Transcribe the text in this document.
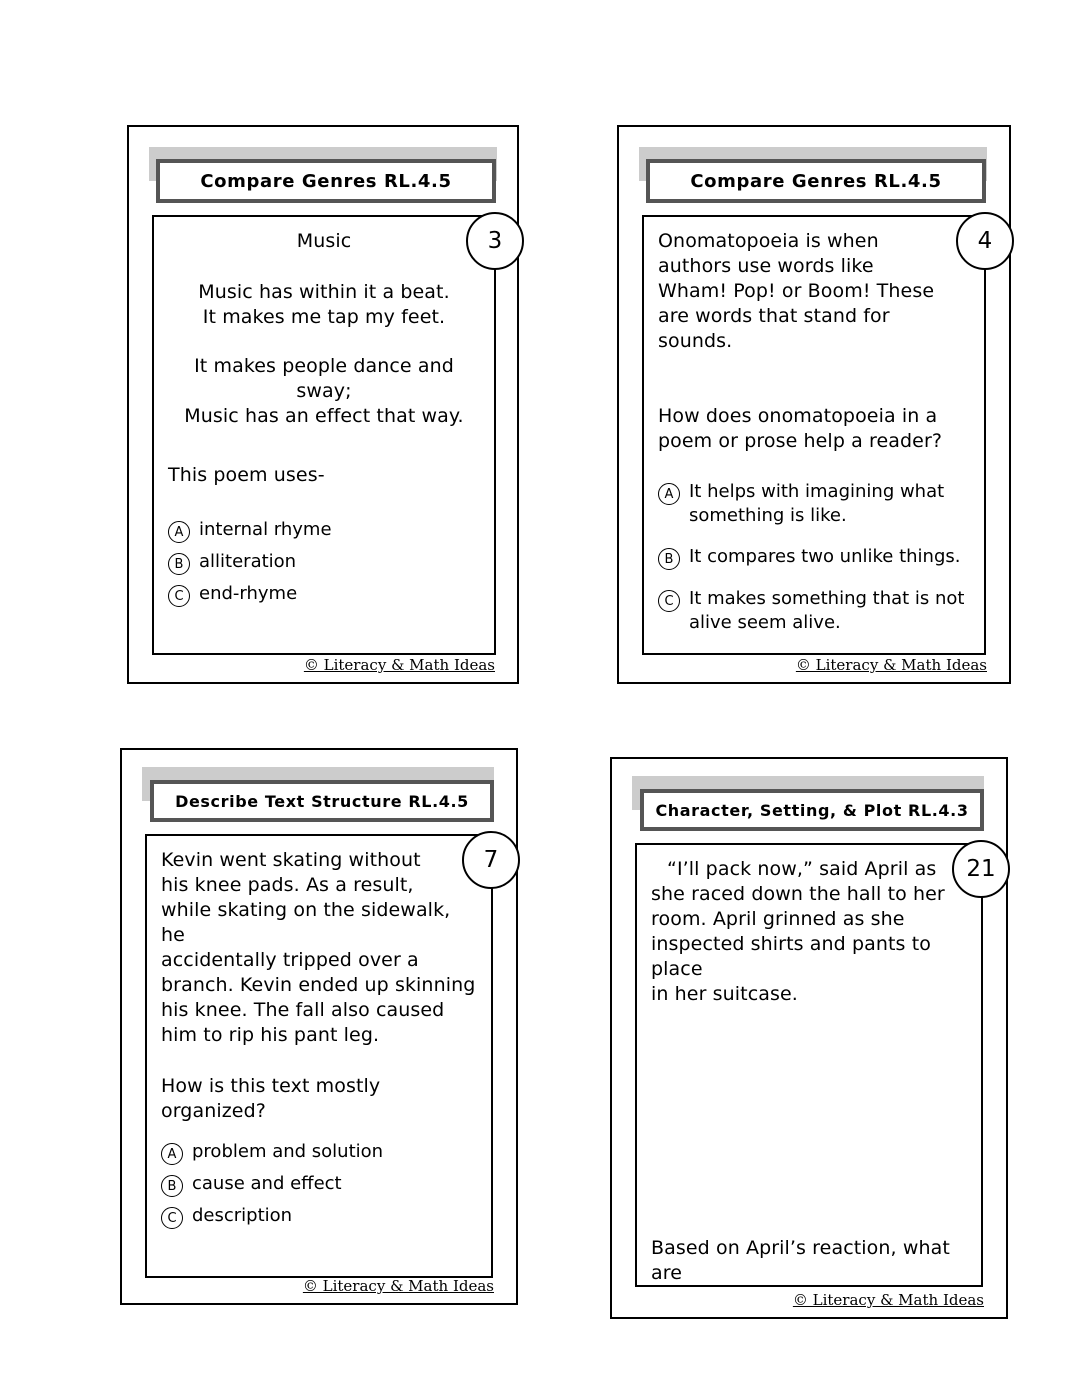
Compare Genres RL.4.5
Music
Music has within it a beat.
It makes me tap my feet.
It makes people dance and sway;
Music has an effect that way.
This poem uses-
A internal rhyme
B alliteration
C end-rhyme
3
© Literacy & Math Ideas
Compare Genres RL.4.5
Onomatopoeia is when
authors use words like
Wham! Pop! or Boom! These
are words that stand for
sounds.
How does onomatopoeia in a
poem or prose help a reader?
A It helps with imagining what something is like.
B It compares two unlike things.
C It makes something that is not alive seem alive.
4
© Literacy & Math Ideas
Describe Text Structure RL.4.5
Kevin went skating without
his knee pads. As a result,
while skating on the sidewalk, he
accidentally tripped over a
branch. Kevin ended up skinning
his knee. The fall also caused
him to rip his pant leg.
How is this text mostly
organized?
A problem and solution
B cause and effect
C description
7
© Literacy & Math Ideas
Character, Setting, & Plot RL.4.3
“I’ll pack now,” said April as
she raced down the hall to her
room. April grinned as she
inspected shirts and pants to place
in her suitcase.
Based on April’s reaction, what are
21
© Literacy & Math Ideas
